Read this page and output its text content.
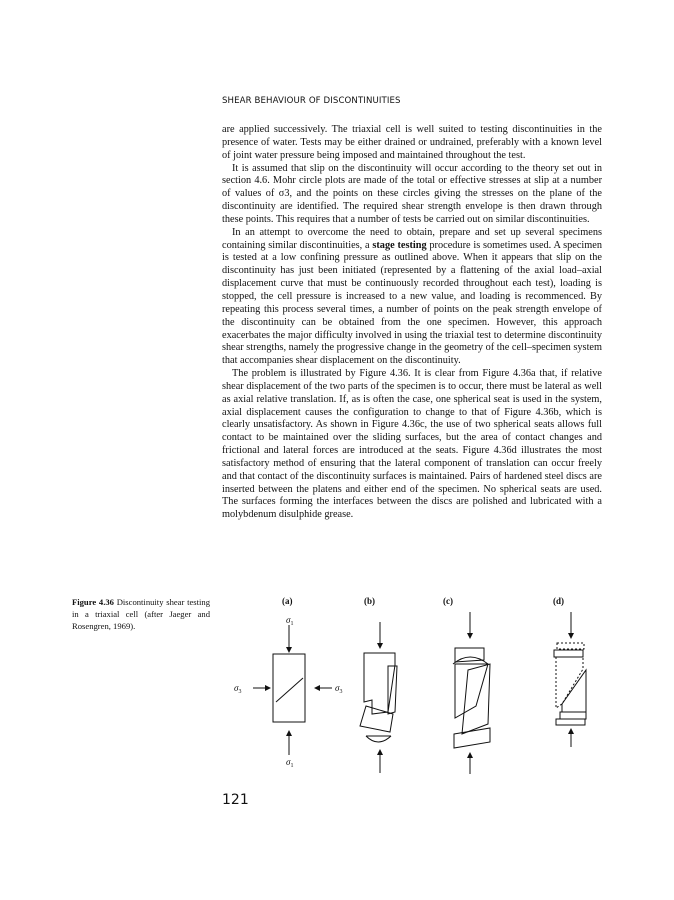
SHEAR BEHAVIOUR OF DISCONTINUITIES

are applied successively. The triaxial cell is well suited to testing discontinuities in the presence of water. Tests may be either drained or undrained, preferably with a known level of joint water pressure being imposed and maintained throughout the test.

It is assumed that slip on the discontinuity will occur according to the theory set out in section 4.6. Mohr circle plots are made of the total or effective stresses at slip at a number of values of σ3, and the points on these circles giving the stresses on the plane of the discontinuity are identified. The required shear strength envelope is then drawn through these points. This requires that a number of tests be carried out on similar discontinuities.

In an attempt to overcome the need to obtain, prepare and set up several specimens containing similar discontinuities, a stage testing procedure is sometimes used. A specimen is tested at a low confining pressure as outlined above. When it appears that slip on the discontinuity has just been initiated (represented by a flattening of the axial load–axial displacement curve that must be continuously recorded throughout each test), loading is stopped, the cell pressure is increased to a new value, and loading is recommenced. By repeating this process several times, a number of points on the peak strength envelope of the discontinuity can be obtained from the one specimen. However, this approach exacerbates the major difficulty involved in using the triaxial test to determine discontinuity shear strengths, namely the progressive change in the geometry of the cell–specimen system that accompanies shear displacement on the discontinuity.

The problem is illustrated by Figure 4.36. It is clear from Figure 4.36a that, if relative shear displacement of the two parts of the specimen is to occur, there must be lateral as well as axial relative translation. If, as is often the case, one spherical seat is used in the system, axial displacement causes the configuration to change to that of Figure 4.36b, which is clearly unsatisfactory. As shown in Figure 4.36c, the use of two spherical seats allows full contact to be maintained over the sliding surfaces, but the area of contact changes and frictional and lateral forces are introduced at the seats. Figure 4.36d illustrates the most satisfactory method of ensuring that the lateral component of translation can occur freely and that contact of the discontinuity surfaces is maintained. Pairs of hardened steel discs are inserted between the platens and either end of the specimen. No spherical seats are used. The surfaces forming the interfaces between the discs are polished and lubricated with a molybdenum disulphide grease.

Figure 4.36 Discontinuity shear testing in a triaxial cell (after Jaeger and Rosengren, 1969).
(a)	(b)	(c)	(d)
$\sigma_1$
$\sigma_3$	$\sigma_3$
$\sigma_1$
121
